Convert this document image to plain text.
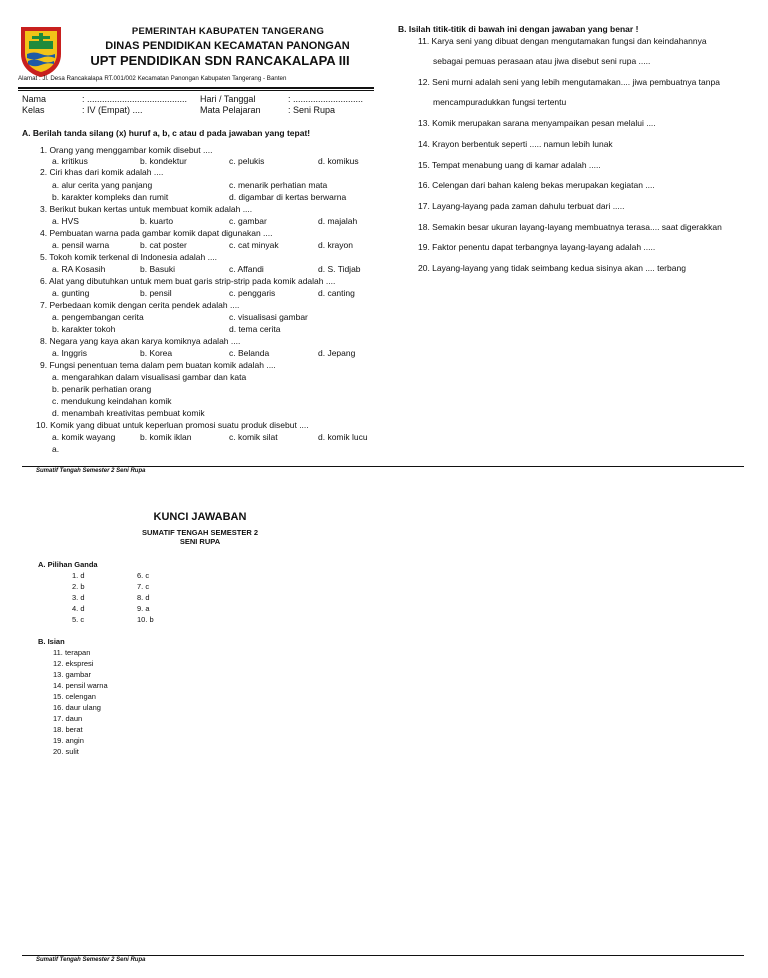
PEMERINTAH KABUPATEN TANGERANG
DINAS PENDIDIKAN KECAMATAN PANONGAN
UPT PENDIDIKAN SDN RANCAKALAPA III
Alamat : Jl. Desa Rancakalapa RT.001/002 Kecamatan Panongan Kabupaten Tangerang - Banten
Nama	: ........................................ Hari / Tanggal	: ............................
Kelas	: IV (Empat) ....	Mata Pelajaran	: Seni Rupa
A. Berilah tanda silang (x) huruf a, b, c atau d pada jawaban yang tepat!
1. Orang yang menggambar komik disebut ....
a. kritikus	b. kondektur	c. pelukis	d. komikus
2. Ciri khas dari komik adalah ....
a. alur cerita yang panjang	c. menarik perhatian mata
b. karakter kompleks dan rumit	d. digambar di kertas berwarna
3. Berikut bukan kertas untuk membuat komik adalah ....
a. HVS	b. kuarto	c. gambar	d. majalah
4. Pembuatan warna pada gambar komik dapat digunakan ....
a. pensil warna	b. cat poster	c. cat minyak	d. krayon
5. Tokoh komik terkenal di Indonesia adalah ....
a. RA Kosasih	b. Basuki	c. Affandi	d. S. Tidjab
6. Alat yang dibutuhkan untuk mem buat garis strip-strip pada komik adalah ....
a. gunting	b. pensil	c. penggaris	d. canting
7. Perbedaan komik dengan cerita pendek adalah ....
a. pengembangan cerita	c. visualisasi gambar
b. karakter tokoh	d. tema cerita
8. Negara yang kaya akan karya komiknya adalah ....
a. Inggris	b. Korea	c. Belanda	d. Jepang
9. Fungsi penentuan tema dalam pem buatan komik adalah ....
a. mengarahkan dalam visualisasi gambar dan kata
b. penarik perhatian orang
c. mendukung keindahan komik
d. menambah kreativitas pembuat komik
10. Komik yang dibuat untuk keperluan promosi suatu produk disebut ....
a. komik wayang	b. komik iklan	c. komik silat	d. komik lucu
a.
B. Isilah titik-titik di bawah ini dengan jawaban yang benar !
11. Karya seni yang dibuat dengan mengutamakan fungsi dan keindahannya
sebagai pemuas perasaan atau jiwa disebut seni rupa .....
12. Seni murni adalah seni yang lebih mengutamakan.... jiwa pembuatnya tanpa
mencampuradukkan fungsi tertentu
13. Komik merupakan sarana menyampaikan pesan melalui ....
14. Krayon berbentuk seperti ..... namun lebih lunak
15. Tempat menabung uang di kamar adalah .....
16. Celengan dari bahan kaleng bekas merupakan kegiatan ....
17. Layang-layang pada zaman dahulu terbuat dari .....
18. Semakin besar ukuran layang-layang membuatnya terasa.... saat digerakkan
19. Faktor penentu dapat terbangnya layang-layang adalah .....
20. Layang-layang yang tidak seimbang kedua sisinya akan .... terbang
Sumatif Tengah Semester 2 Seni Rupa
KUNCI JAWABAN
SUMATIF TENGAH SEMESTER 2
SENI RUPA
A. Pilihan Ganda
1. d
2. b
3. d
4. d
5. c
6. c
7. c
8. d
9. a
10. b
B. Isian
11. terapan
12. ekspresi
13. gambar
14. pensil warna
15. celengan
16. daur ulang
17. daun
18. berat
19. angin
20. sulit
Sumatif Tengah Semester 2 Seni Rupa
